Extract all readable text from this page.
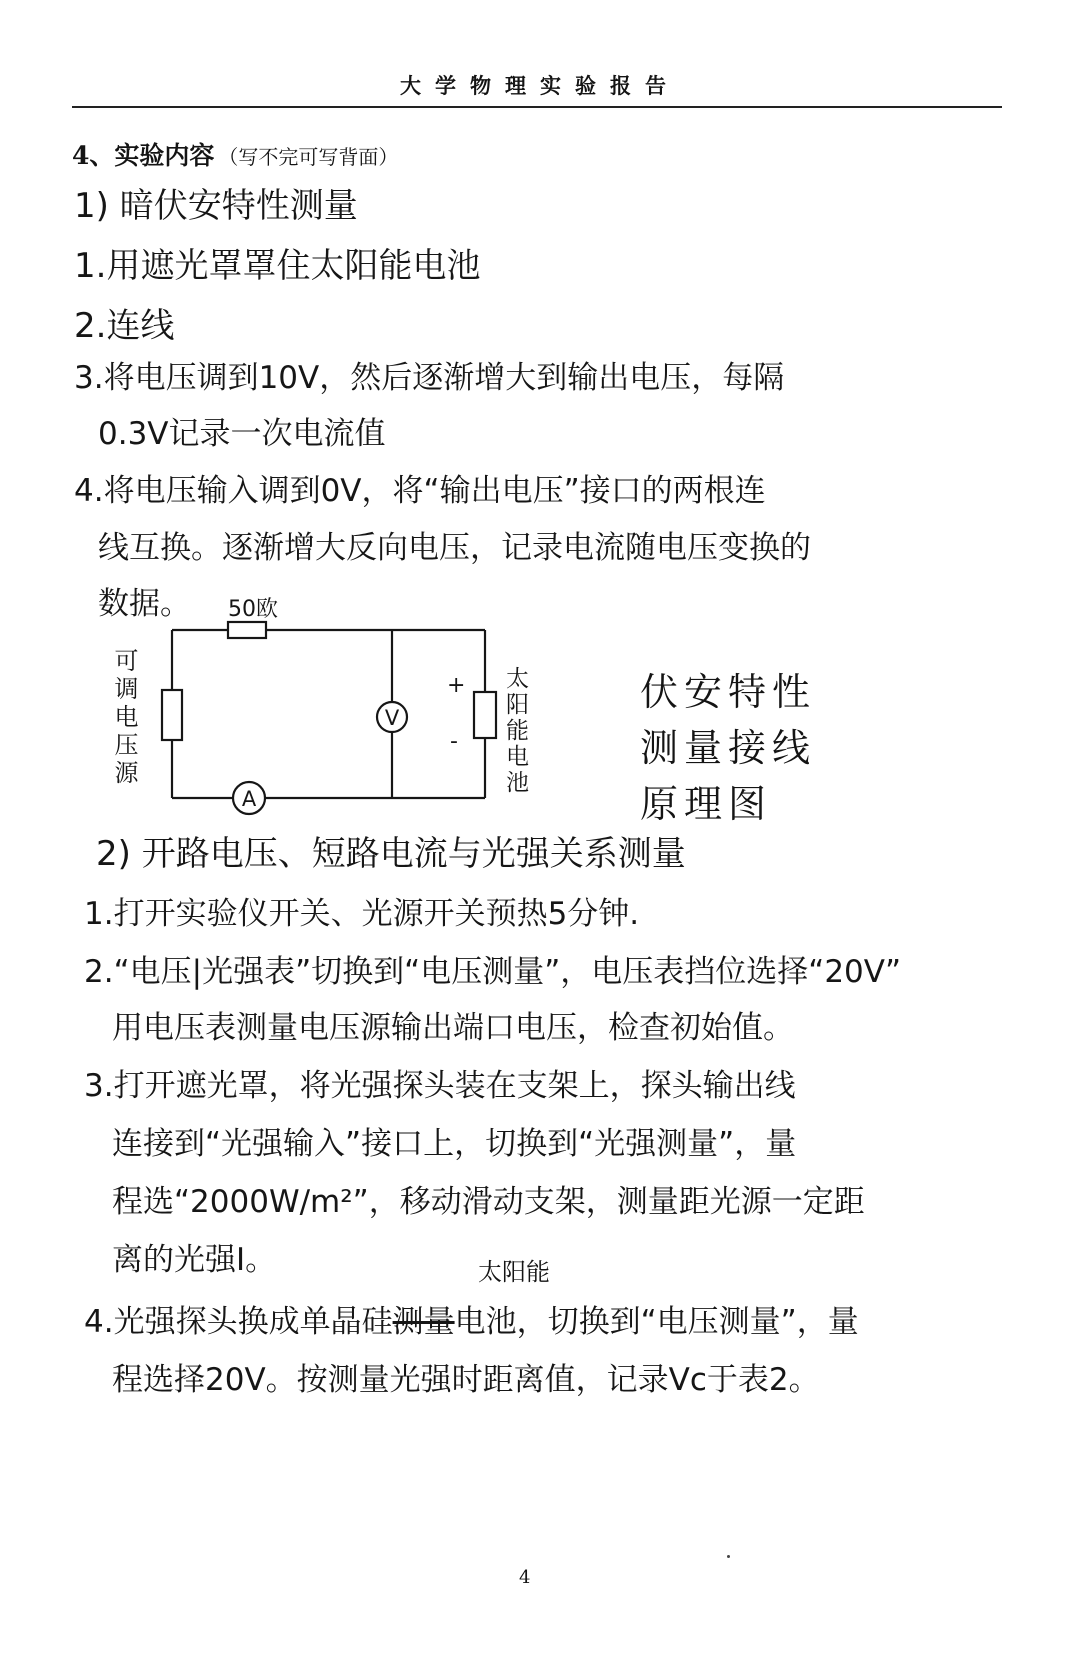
大学物理实验报告
4、实验内容 （写不完可写背面）
1) 暗伏安特性测量
1.用遮光罩罩住太阳能电池
2.连线
3.将电压调到10V，然后逐渐增大到输出电压，每隔
0.3V记录一次电流值
4.将电压输入调到0V，将“输出电压”接口的两根连
线互换。逐渐增大反向电压，记录电流随电压变换的
数据。 50欧
V
A
+
-
可调电压源	太阳能电池	伏安特性
测量接线
原理图
2) 开路电压、短路电流与光强关系测量
1.打开实验仪开关、光源开关预热5分钟.
2.“电压|光强表”切换到“电压测量”，电压表挡位选择“20V”
用电压表测量电压源输出端口电压，检查初始值。
3.打开遮光罩，将光强探头装在支架上，探头输出线
连接到“光强输入”接口上，切换到“光强测量”，量
程选“2000W/m²”，移动滑动支架，测量距光源一定距
离的光强I。	太阳能
4.光强探头换成单晶硅测量电池，切换到“电压测量”，量
程选择20V。按测量光强时距离值，记录Vc于表2。
4
